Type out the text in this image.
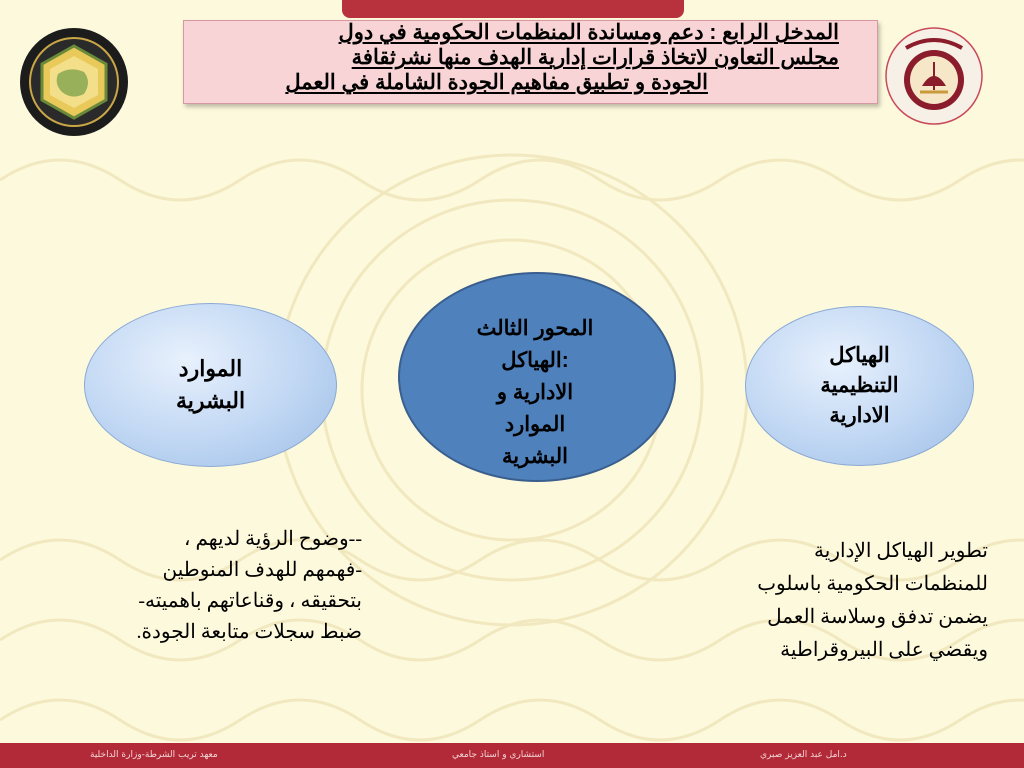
المدخل الرابع : دعم ومساندة المنظمات الحكومية في دول
مجلس التعاون لاتخاذ قرارات إدارية الهدف منها نشرثقافة
الجودة و تطبيق مفاهيم الجودة الشاملة في العمل
الموارد
البشرية
الهياكل
التنظيمية
الادارية
المحور الثالث
:الهياكل
الادارية و
الموارد
البشرية
--وضوح الرؤية لديهم ،
-فهمهم للهدف المنوطين
بتحقيقه ، وقناعاتهم باهميته-
ضبط سجلات متابعة الجودة.
تطوير الهياكل الإدارية
للمنظمات الحكومية باسلوب
يضمن تدفق وسلاسة العمل
ويقضي على البيروقراطية
معهد تريب الشرطة-وزارة الداخلية	استشاري و استاذ جامعي	د.امل عبد العزيز صبري
